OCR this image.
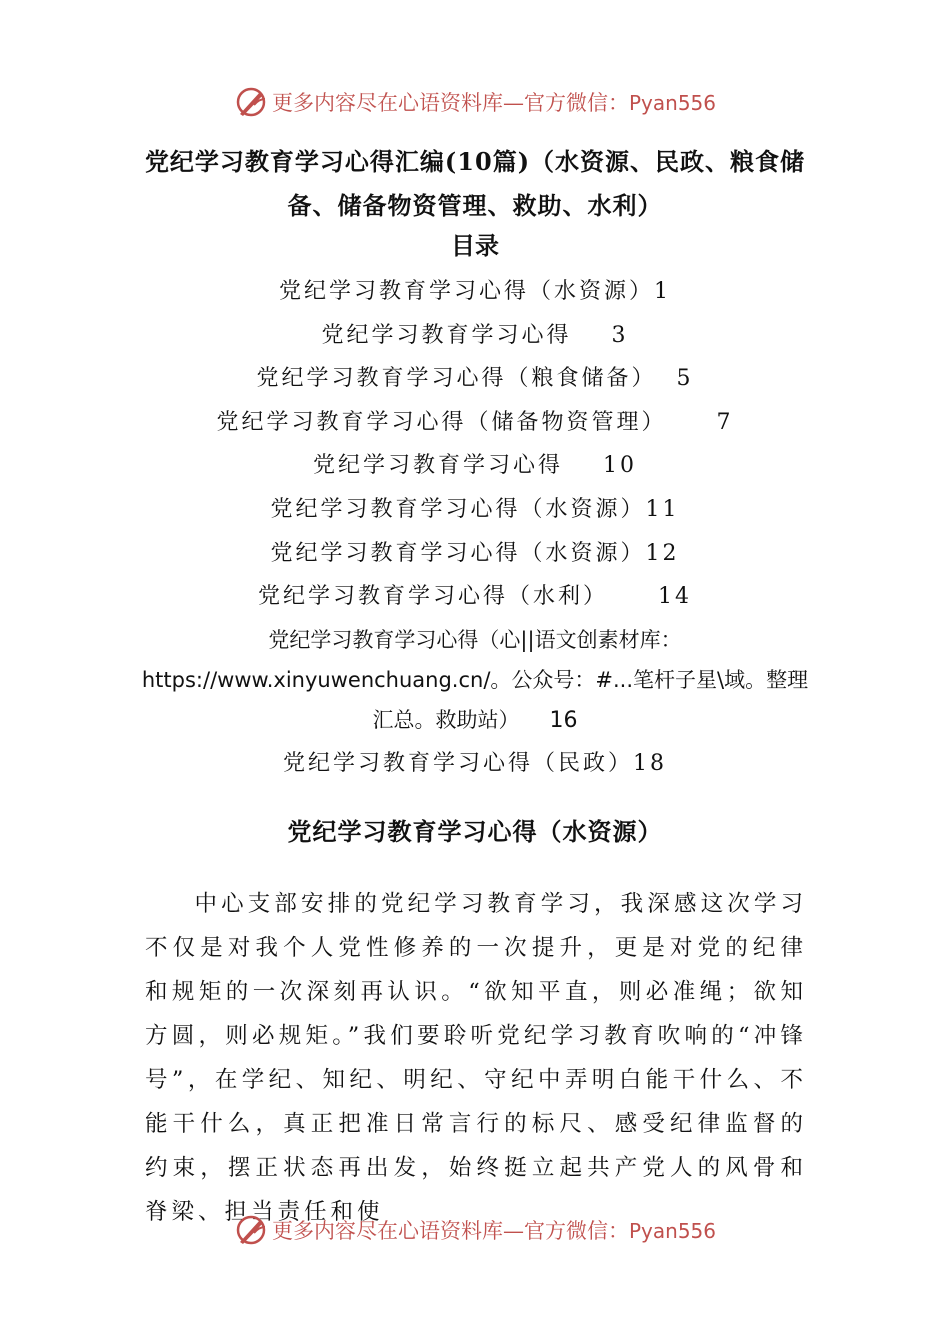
更多内容尽在心语资料库—官方微信：Pyan556
党纪学习教育学习心得汇编(10篇)（水资源、民政、粮食储备、储备物资管理、救助、水利）
目录
党纪学习教育学习心得（水资源）1
党纪学习教育学习心得 3
党纪学习教育学习心得（粮食储备） 5
党纪学习教育学习心得（储备物资管理） 7
党纪学习教育学习心得 10
党纪学习教育学习心得（水资源）11
党纪学习教育学习心得（水资源）12
党纪学习教育学习心得（水利） 14
党纪学习教育学习心得（心||语文创素材库：https://www.xinyuwenchuang.cn/。公众号：#...笔杆子星\域。整理汇总。救助站） 16
党纪学习教育学习心得（民政）18
党纪学习教育学习心得（水资源）

中心支部安排的党纪学习教育学习，我深感这次学习不仅是对我个人党性修养的一次提升，更是对党的纪律和规矩的一次深刻再认识。“欲知平直，则必准绳；欲知方圆，则必规矩。”我们要聆听党纪学习教育吹响的“冲锋号”，在学纪、知纪、明纪、守纪中弄明白能干什么、不能干什么，真正把准日常言行的标尺、感受纪律监督的约束，摆正状态再出发，始终挺立起共产党人的风骨和脊梁、担当责任和使

更多内容尽在心语资料库—官方微信：Pyan556
